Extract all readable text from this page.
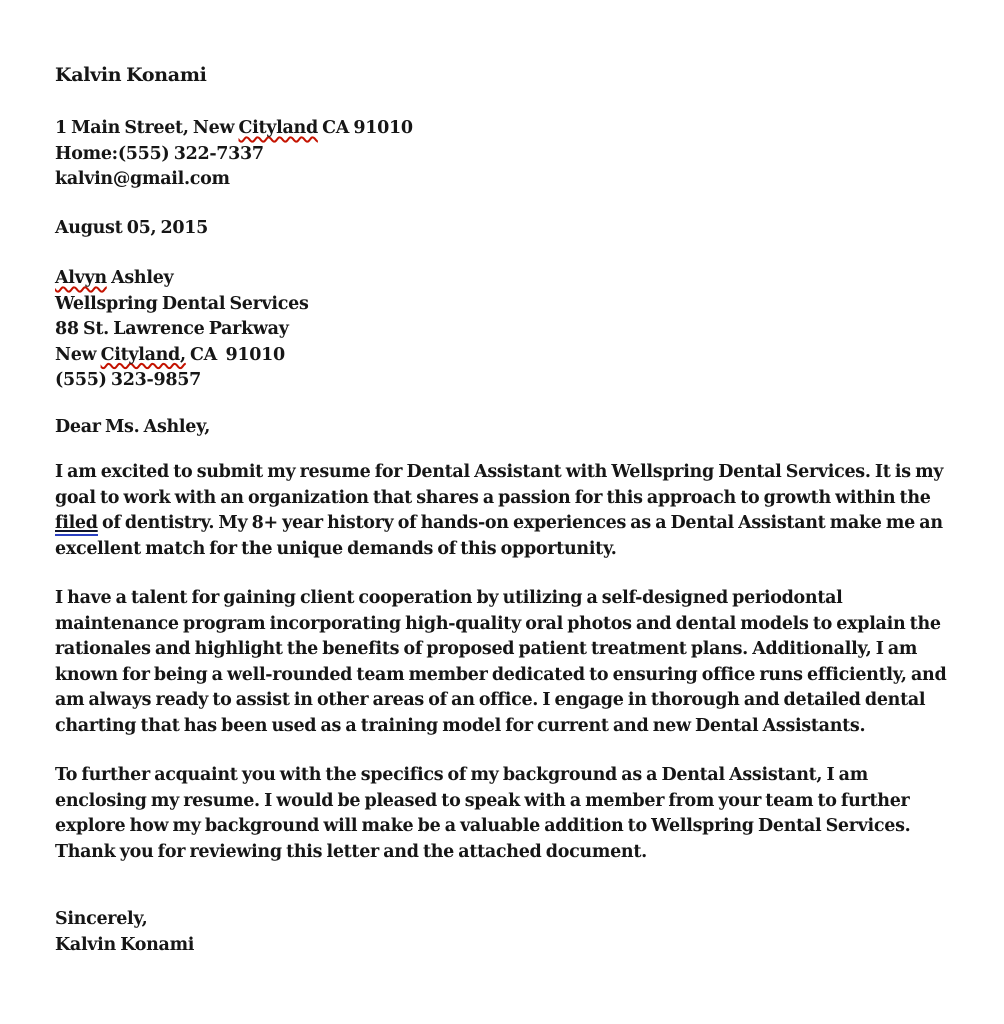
Kalvin Konami
1 Main Street, New Cityland CA 91010
Home:(555) 322-7337
kalvin@gmail.com
August 05, 2015
Alvyn Ashley
Wellspring Dental Services
88 St. Lawrence Parkway
New Cityland, CA  91010
(555) 323-9857
Dear Ms. Ashley,

I am excited to submit my resume for Dental Assistant with Wellspring Dental Services. It is my goal to work with an organization that shares a passion for this approach to growth within the filed of dentistry. My 8+ year history of hands-on experiences as a Dental Assistant make me an excellent match for the unique demands of this opportunity.

I have a talent for gaining client cooperation by utilizing a self-designed periodontal maintenance program incorporating high-quality oral photos and dental models to explain the rationales and highlight the benefits of proposed patient treatment plans. Additionally, I am known for being a well-rounded team member dedicated to ensuring office runs efficiently, and am always ready to assist in other areas of an office. I engage in thorough and detailed dental charting that has been used as a training model for current and new Dental Assistants.

To further acquaint you with the specifics of my background as a Dental Assistant, I am enclosing my resume. I would be pleased to speak with a member from your team to further explore how my background will make be a valuable addition to Wellspring Dental Services. Thank you for reviewing this letter and the attached document.

Sincerely,
Kalvin Konami
